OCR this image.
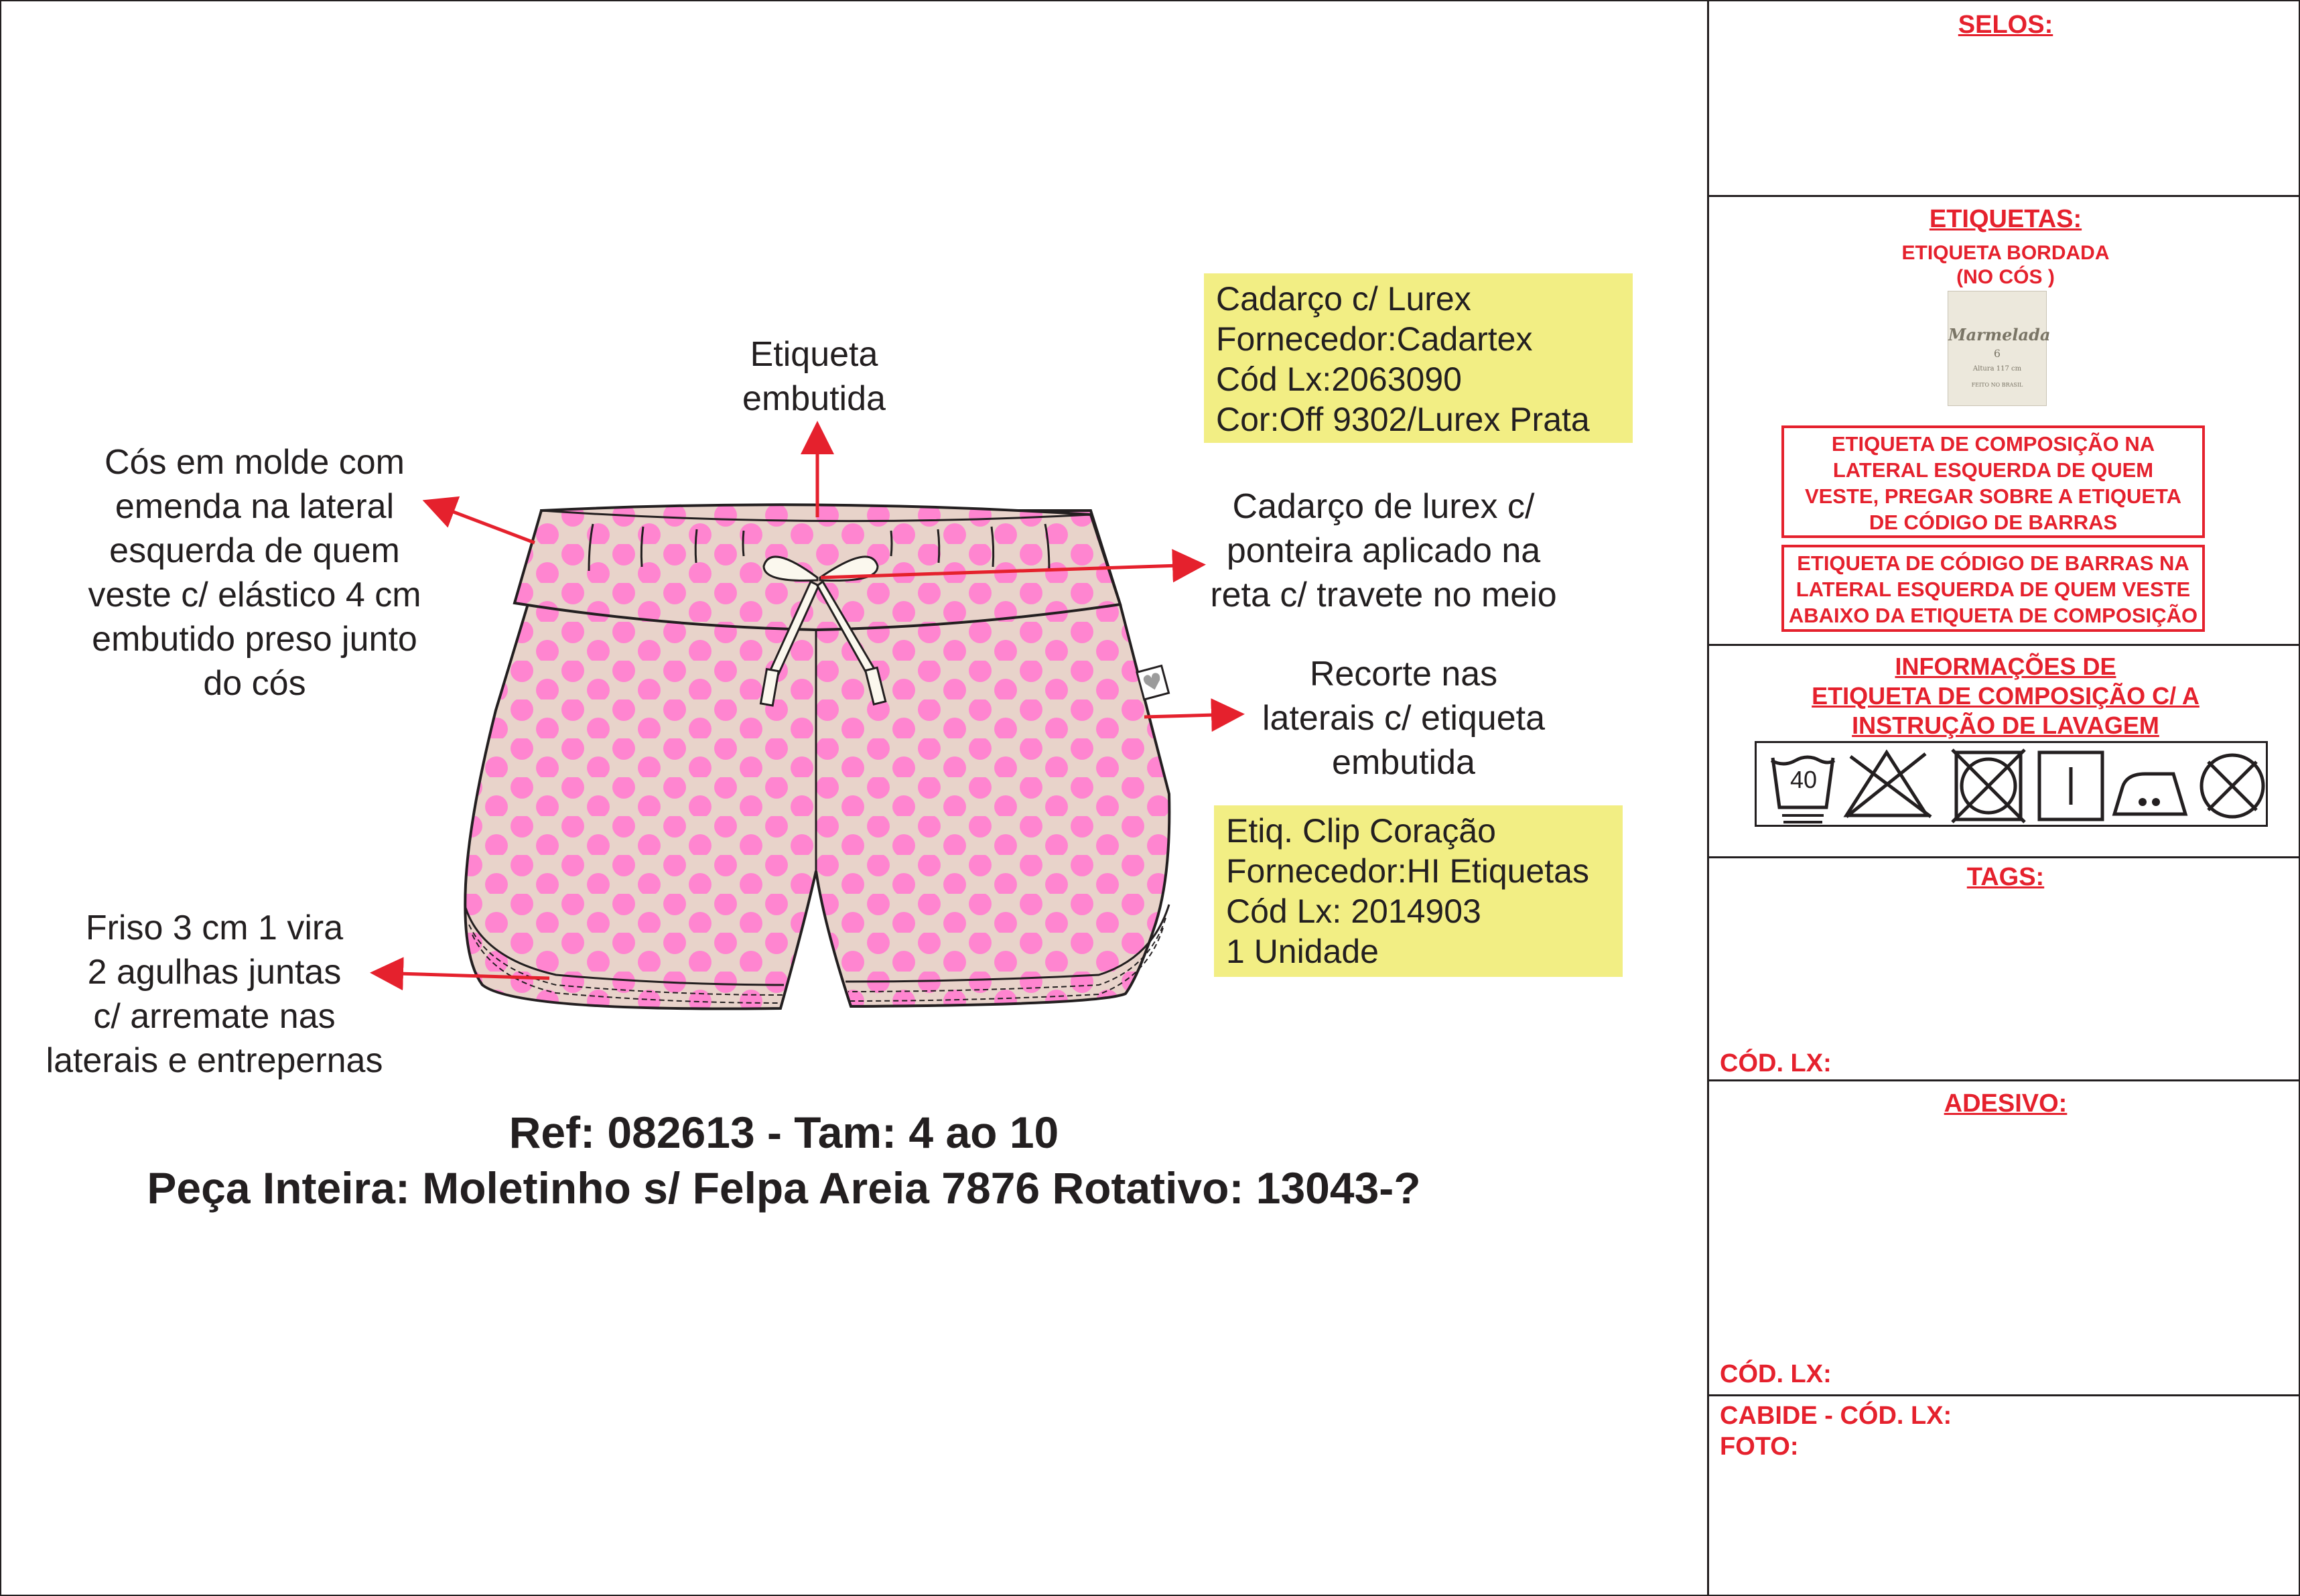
Etiqueta
embutida
Cós em molde com
emenda na lateral
esquerda de quem
veste c/ elástico 4 cm
embutido preso junto
do cós
Cadarço de lurex c/
ponteira aplicado na
reta c/ travete no meio
Recorte nas
laterais c/ etiqueta
embutida
Friso 3 cm 1 vira
2 agulhas juntas
c/ arremate nas
laterais e entrepernas
Cadarço c/ Lurex
Fornecedor:Cadartex
Cód Lx:2063090
Cor:Off 9302/Lurex Prata
Etiq. Clip Coração
Fornecedor:HI Etiquetas
Cód Lx: 2014903
1 Unidade
Ref: 082613 - Tam: 4 ao 10
Peça Inteira: Moletinho s/ Felpa Areia 7876 Rotativo: 13043-?
SELOS:
ETIQUETAS:
ETIQUETA BORDADA
(NO CÓS )
Marmelada
6
Altura 117 cm
FEITO NO BRASIL
ETIQUETA DE COMPOSIÇÃO NA
LATERAL ESQUERDA DE QUEM
VESTE, PREGAR SOBRE A ETIQUETA
DE CÓDIGO DE BARRAS
ETIQUETA DE CÓDIGO DE BARRAS NA
LATERAL ESQUERDA DE QUEM VESTE
ABAIXO DA ETIQUETA DE COMPOSIÇÃO
INFORMAÇÕES DE
ETIQUETA DE COMPOSIÇÃO C/ A
INSTRUÇÃO DE LAVAGEM
40
TAGS:
CÓD. LX:
ADESIVO:
CÓD. LX:
CABIDE - CÓD. LX:
FOTO:
